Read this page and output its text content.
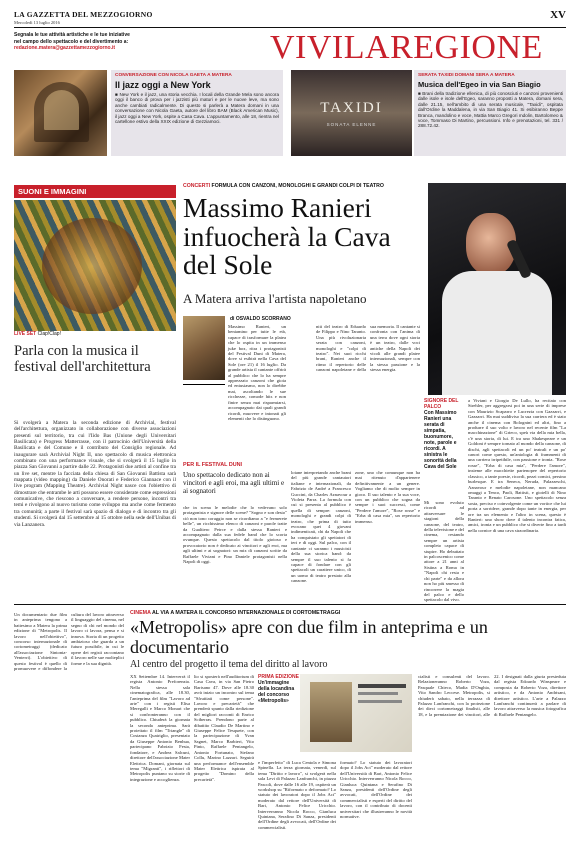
LA GAZZETTA DEL MEZZOGIORNO	XV
Mercoledì 13 luglio 2016
Segnala le tue attività artistiche e le tue iniziative
nel campo dello spettacolo e del divertimento a:
redazione.matera@gazzettamezzogiorno.it	VIVILAREGIONE
CONVERSAZIONE CON NICOLA GAETA A MATERA
Il jazz oggi a New York
■ New York e il jazz, una storia vecchia. I locali della Grande Mela sono ancora oggi il banco di prova per i jazzisti più maturi e per le nuove leve, ma sono anche cambiati radicalmente. Di questo si parlerà a Matera domani in una conversazione con Nicola Gaeta, autore del libro BAM (Black American Music), il jazz oggi a New York, ospite a Casa Cava. L'appuntamento, alle 18, rientra nel cartellone estivo della XXIX edizione di Gezziamoci.
TAXIDI
SONATA ELENNE
SERATA TAXIDI DOMANI SERA A MATERA
Musica dell'Egeo in via San Biagio
■ Brani della tradizione ellenica, di più conosciuti e canzoni provenienti dalle isole e isole dell'Egeo, saranno proposti a Matera, domani sera, dalle 21.15, nell'ambito di una serata musicale, "Taxidi", ospitata dall'Ordine la Maddalena, in via San Biagio 41. Si esibiranno Beppe Branca, mandolino e voce, Mattia Marco Gregori mdolin, Bartolomeo & voce, Tommaso Di Martino, percussioni. Info e prenotazioni, tel. 331 / 288.72.42.
SUONI E IMMAGINI
LIVE SET Clap!Clap!
Parla con la musica il festival dell'architettura
Si svolgerà a Matera la seconda edizione di Archivial, festival dell'architettura, organizzato in collaborazione con diverse associazioni presenti sul territorio, tra cui l'Iido Bas (Unione degli Universitari Basilicata) e Progress Matterrasse, con il patrocinio dell'Università della Basilicata e del Comune e il contributo del Consiglio regionale. Ad inaugurare sarà Archivial Night II, uno spettacolo di musica elettronica combinato con una performance visuale, che si svolgerà il 15 luglio in piazza San Giovanni a partire dalle 22. Protagonisti due artisti al confine tra un live set, mentre la facciata della chiesa di San Giovanni Battista sarà mappata (video mapping) da Daniele Onorati e Federico Giannace con il live program (Mapping Theatre). Archivial Night nasce con l'obiettivo di dimostrare che entrambe le arti possono essere considerate come espressioni comunicative, che riescono a conversare, a rendere persone, incontri tra temi e rivolgono al nuovo turismo come sviluppo ma anche come fermento tra comunità; a parte il festival sarà spazio di dialogo e di incontro tra gli studenti. Si svolgerà dal 15 settembre al 15 ottobre nella sede dell'Unibas di via Lanzanera.
CONCERTI FORMULA CON CANZONI, MONOLOGHI E GRANDI COLPI DI TEATRO
Massimo Ranieri infuocherà la Cava del Sole
A Matera arriva l'artista napoletano
di OSVALDO SCORRANO
Massimo Ranieri, un beniamino per tutte le età, capace di trasformare la platea che lo ospita in un immenso juke box, ritra i protagonisti del Festival Duni di Matera, dove si esibirà nella Cava del Sole (ore 21) il 16 luglio. Da grande artista il cantante offrirà al pubblico che lo ha sempre apprezzato canzoni che gioia ed entusiasmo, non lo direbbe mai, ascoltando le sue ricchezze, comode hits e non finire senza mai risparmiarsi, accompagnato dai quali grandi ricordi, muovere e intonati gli elementi che lo distinguono.
PER IL FESTIVAL DUNI
Uno spettacolo dedicato non ai vincitori e agli eroi, ma agli ultimi e ai sognatori
che in scena le melodie che lo vedevano solo protagonista e signore delle scene? "Sogno e son desto" ciò non tono coraggio non se ricordiamo a "e fermerete belle", un ricchissimo elenco di canzoni e parole tratte da Gualtiero Peirce e dalla stessa Ranieri e accompagnato dalla sua fedele band che lo scorta ovunque. Questo spettacolo dal titolo gioioso e provocatorio non è dedicato ai vincitori e agli eroi, ma agli ultimi e ai sognatori: un mix di canzoni scritte da Raffaele Viviani e Pino Daniele protagonisti nella Napoli di oggi.
lotane interpretando anche brani del più grande cantautori italiane e internazionali, da Fabrizio de André a Francesco Guccini, da Charles Aznavour a Violeta Parra. La formula con cui si presenta al pubblico è quella di sempre: canzoni, monologhi e grandi colpi di teatro, che prima di tutto evocano quei 4 giovani indimenticati, chi da Napoli che ha conquistato gli spettatori di ieri e di oggi. Sul palco, con il cantante ci saranno i musicisti della sua storica band: da sempre il suo talento si fa capace di fondare con gli spettacoli un carattere unico, di un uomo di teatro prestato alla canzone.
niti del teatro di Eduardo de Filippo e Nino Taranto. Una più rivoluzionaria serata con canzoni, monologhi e "colpi di teatro". Nei suoi ricchi brani, Ranieri anche il ritmo il repertorio delle canzoni napoletane e della sua memoria. Il cantante si confronta con l'anima di una terra dove ogni storia è un teatro, dalle voci antiche della Napoli dei vicoli alle grandi platee internazionali, sempre con la stessa passione e la stessa energia.
zone, uno che comunque non ha mai ritenuto d'appartenere definitivamente a un genere. Vogliamo che di molto sempre in gioco. Il suo talento e la sua voce, con un pubblico che sogna da sempre i suoi successi, come "Perdere l'amore", "Rose rosse" e "Erba di casa mia", un repertorio immenso.
SIGNORE DEL PALCO
Con Massimo Ranieri una serata di simpatia, buonumore, note, parole e ricordi. A sinistra le sonorità della Cava del Sole
Mi sono evoluto ricordi ad attraversare le stagioni della canzone, del teatro, della televisione e del cinema, restando sempre un artista completo capace di stupire. Ho debuttato in palcoscenico come attore a 21 anni al Sistina a Roma in "Napoli chi resta e chi parte" e da allora non ho più smesso di rincorrere la magia del palco e dello spettacolo dal vivo.
a Viviani e Giorgio De Lullo, ha recitato con Strehler, per aggregarsi poi in una serie di imprese con Maurizio Scaparro e Lucrezia con Gazzarri, e Gazzarri. Ha mai suddiviso la sua carriera ed è stato anche il cinema con Bolognini ed altri, fino a produrre il suo volto e lavoro nel recente film "La macchinazione" di Grieco, speù via della mia bella, c'è una storia, di lui. E tra uno Shakespeare e un Goldoni è sempre tornato al mondo della canzone, di dischi, agli spettacoli ed un po' teatrali e un po' canori come questo, un'antologia di frammenti di una carriera irripetibile, con passione e ironia. "Rose rosse", "Erba di casa mia", "Perdere l'amore", insieme alle macchiette partenopee del repertorio classico, a tante poesie, ricordi, pezzi comici, persino burlesque. E tra Seneca, Neruda, Palazzeschi, Aznavour e melodie napoletane, non mancano omaggi a Tenco, Paoli, Battisti, e gioielli di Nino Taranto e Renato Carosone. Uno spettacolo senza sosta, preciso e coinvolgente come un vortice che lui porta a sorridere, grande dopo tante in energia, per ore tra un elemento e l'altro in scena, questo è Ranieri: uno show dove il talento incontra fatica, amici, ironia e un pubblico che si diverte fino a tardi nella cornice di una cava straordinaria.
CINEMA AL VIA A MATERA IL CONCORSO INTERNAZIONALE DI CORTOMETRAGGI
«Metropolis» apre con due film in anteprima e un documentario
Al centro del progetto il tema del diritto al lavoro
Un documentario due film in anteprima tengono a battesimo a Matera la prima edizione di "Metropolis. Il lavoro nell'obiettivo", concorso internazionale di cortometraggi (dedicato all'associazione Sintonia-Venterri). L'obiettivo di questo festival è quello di promuovere e diffondere la cultura del lavoro attraverso il linguaggio del cinema, nel segno di chi nel mondo del lavoro ci lavora, pensa e si innova. Storia di un progetto ambizioso che guarda a un futuro possibile, in cui le opere dei registi raccontano il lavoro nelle sue molteplici forme e la sua dignità.
XX Settembre 14. Interverrà il regista Antonio Preforenzia. Nella stessa sala cinematografica, alle 18.30, l'anteprima del film "Lavoro ad arte" con i registi Elisa Meregalli e Marco Monari che si confronteranno con il pubblico. Chiuderà la giornata la seconda anteprima. Sarà proiettato il film "Triangle" di Costanza Quatriglio, presentato da Giuseppe Antonio Benhua, partecipano Fabrizio Festa, fondatore, e Andrea Salcuni, direttore dell'associazione Mater Elettrica. Domani, giornata sul tema "Migranti", i riflettori di Metropolis puntano su storie di integrazione e accoglienza.
lio si sposterà nell'auditorium di Casa Cava, in via San Pietro Barisano 47. Dove alle 18.30 avrà inizio un incontro sul tema "Sfruttiati come persone". Lavoro e precarietà" che prenderà spunto dalla riedizione del migliori racconti di Enrico Sciberras. Prendono parte al dibattito Claudio De Martino e Giuseppe Felice Tesquete, con la partecipazione di Yvan Sagnet, Marco Barbieri, Vito Pinto, Raffaele Pentangelo, Antonio Fortunato, Stefano Collu, Marino Lazzari. Seguirà una performance dell'ensemble Mater Elettrica ispirata al progetto "Domino della precarietà".
PRIMA EDIZIONE
Un'immagine della locandina del concorso «Metropolis»
e l'imperfetto" di Luca Centola e Simona Spinella. La terza giornata, venerdì, sul tema "Diritto e lavoro", si svolgerà nella sala Levi di Palazzo Lanfranchi, in piazza Pascoli, dove dalle 16 alle 19, ospiterà un workshop su "Riformato o deformato? Lo statuto dei lavoratori dopo il Jobs Act" moderato dal rettore dell'Università di Bari, Antonio Felice Uricchio. Interverranno Nicola Rocco, Gianluca Quintana, Serafino Di Sanza, presidenti dell'Ordine degli avvocati, dell'Ordine dei commercialisti.
formato? Lo statuto dei lavoratori dopo il Jobs Act" moderato dal rettore dell'Università di Bari, Antonio Felice Uricchio. Interverranno Nicola Rocco, Gianluca Quintana e Serafino Di Sanza, presidenti dell'Ordine degli avvocati, dell'Ordine dei commercialisti e esperti del diritto del lavoro, con il contributo di docenti universitari che illustreranno le novità normative.
cialisti e consulenti del lavoro. Relazioneranno Roberto Voza, Pasquale Chieco, Madia D'Onghia, Vito Sandro Leccese. Metropolis, si chiuderà sabato, nella terrazza di Palazzo Lanfranchi, con la proiezione dei dieci cortometraggi finalisti, alle 18, e la premiazione dei vincitori, alle 22. I designati dalla giuria presieduta dal regista Edoardo Winspeare e composta da Roberto Voza, direttore artistico, e da Antonio Andrisani, direttore artistico. L'arte a Palazzo Lanfranchi continuerà a parlare di lavoro attraverso la musica fotografica di Raffaele Pentangelo.
